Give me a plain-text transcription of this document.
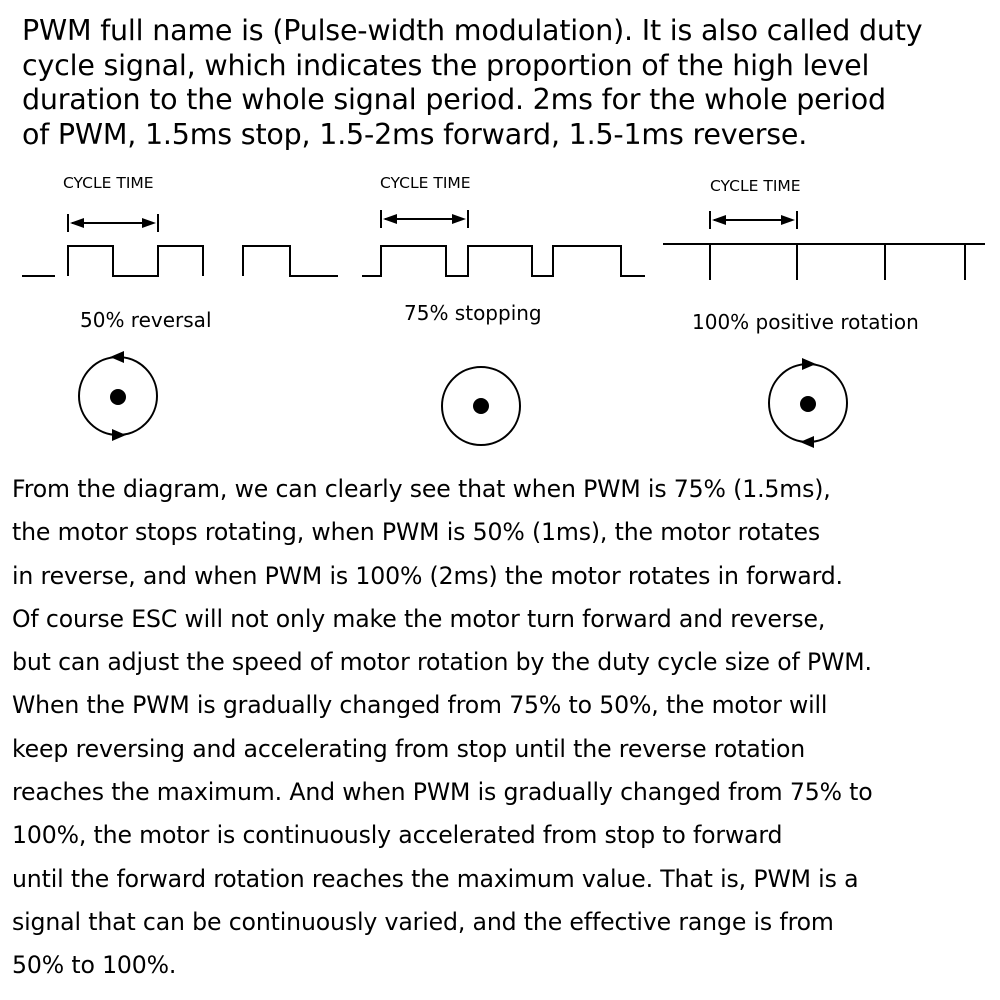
PWM full name is (Pulse-width modulation). It is also called duty
cycle signal, which indicates the proportion of the high level
duration to the whole signal period. 2ms for the whole period
of PWM, 1.5ms stop, 1.5-2ms forward, 1.5-1ms reverse.

CYCLE TIME
50% reversal
CYCLE TIME
75% stopping
CYCLE TIME
100% positive rotation

From the diagram, we can clearly see that when PWM is 75% (1.5ms),
the motor stops rotating, when PWM is 50% (1ms), the motor rotates
in reverse, and when PWM is 100% (2ms) the motor rotates in forward.
Of course ESC will not only make the motor turn forward and reverse,
but can adjust the speed of motor rotation by the duty cycle size of PWM.
When the PWM is gradually changed from 75% to 50%, the motor will
keep reversing and accelerating from stop until the reverse rotation
reaches the maximum. And when PWM is gradually changed from 75% to
100%, the motor is continuously accelerated from stop to forward
until the forward rotation reaches the maximum value. That is, PWM is a
signal that can be continuously varied, and the effective range is from
50% to 100%.
